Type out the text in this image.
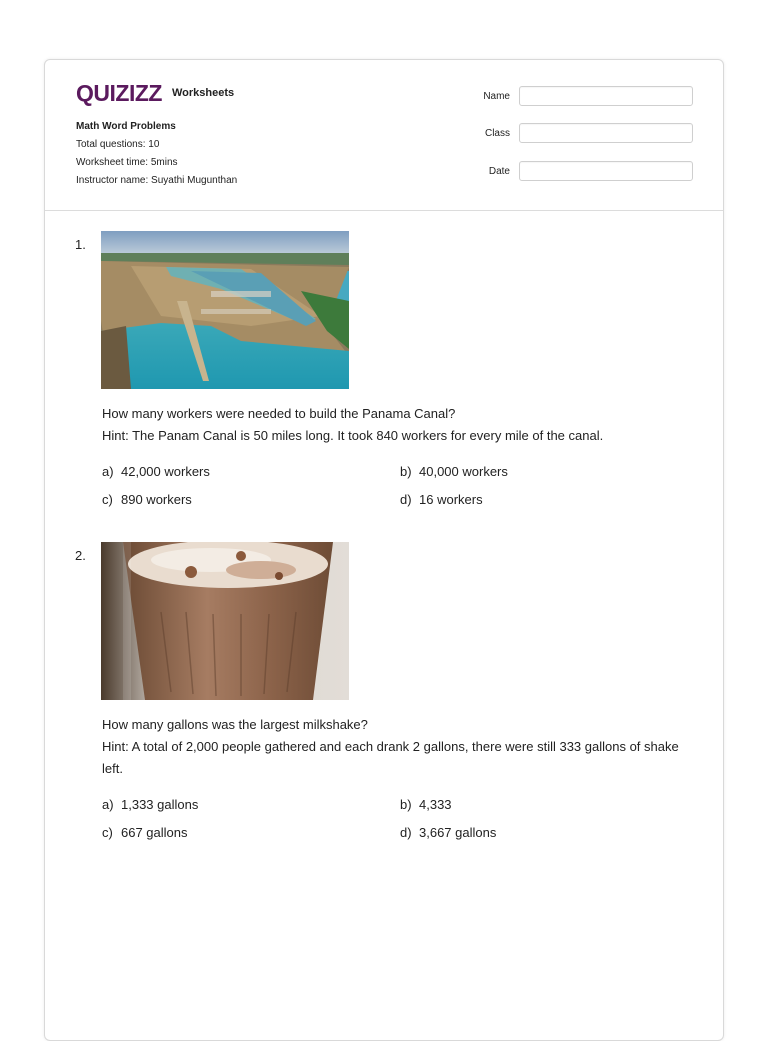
QUIZIZZ Worksheets
Math Word Problems
Total questions: 10
Worksheet time: 5mins
Instructor name: Suyathi Mugunthan
Name
Class
Date
1.
How many workers were needed to build the Panama Canal?
Hint: The Panam Canal is 50 miles long. It took 840 workers for every mile of the canal.
a) 42,000 workers	b) 40,000 workers
c) 890 workers	d) 16 workers
2.
How many gallons was the largest milkshake?
Hint: A total of 2,000 people gathered and each drank 2 gallons, there were still 333 gallons of shake left.
a) 1,333 gallons	b) 4,333
c) 667 gallons	d) 3,667 gallons
